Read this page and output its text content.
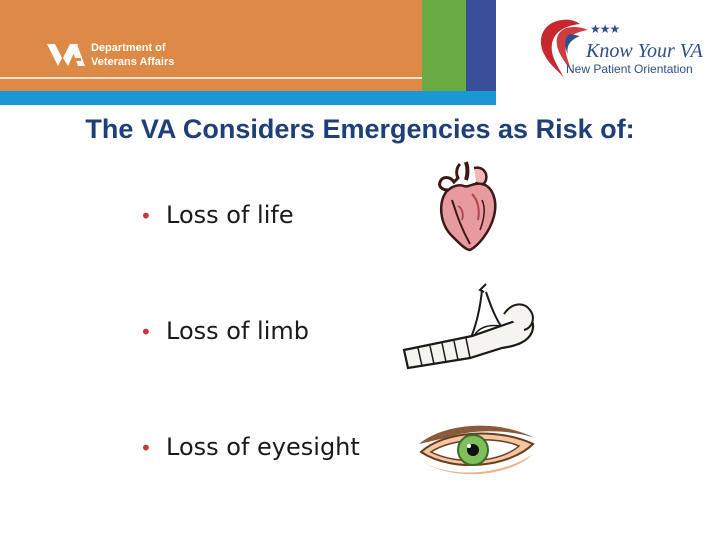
Department of
Veterans Affairs
★★★
Know Your VA
New Patient Orientation
The VA Considers Emergencies as Risk of:
• Loss of life
• Loss of limb
• Loss of eyesight
